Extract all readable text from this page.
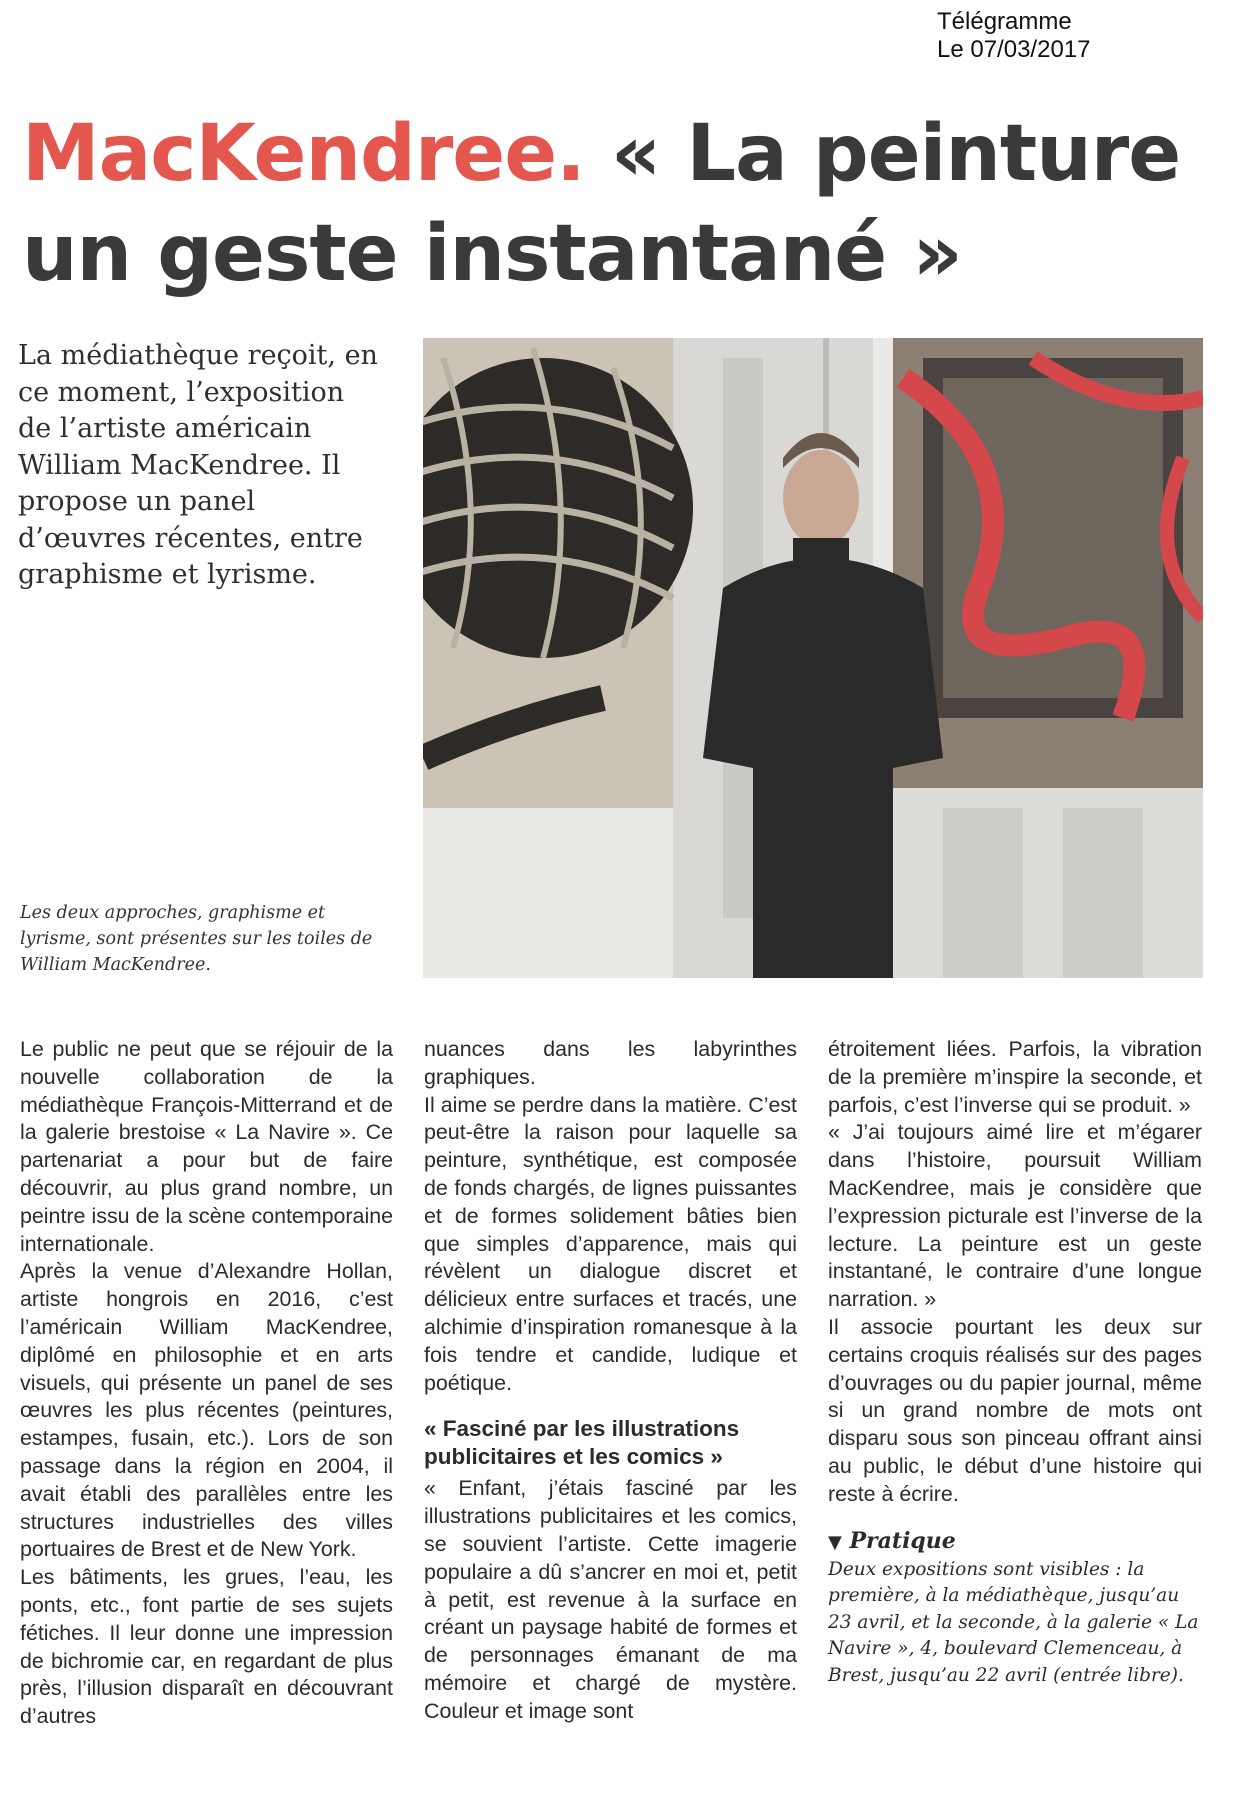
Télégramme
Le 07/03/2017
MacKendree. « La peinture un geste instantané »

La médiathèque reçoit, en ce moment, l’exposition de l’artiste américain William MacKendree. Il propose un panel d’œuvres récentes, entre graphisme et lyrisme.

Les deux approches, graphisme et lyrisme, sont présentes sur les toiles de William MacKendree.

Le public ne peut que se réjouir de la nouvelle collaboration de la médiathèque François-Mitterrand et de la galerie brestoise « La Navire ». Ce partenariat a pour but de faire découvrir, au plus grand nombre, un peintre issu de la scène contemporaine internationale.

Après la venue d’Alexandre Hollan, artiste hongrois en 2016, c’est l’américain William MacKendree, diplômé en philosophie et en arts visuels, qui présente un panel de ses œuvres les plus récentes (peintures, estampes, fusain, etc.). Lors de son passage dans la région en 2004, il avait établi des parallèles entre les structures industrielles des villes portuaires de Brest et de New York.

Les bâtiments, les grues, l’eau, les ponts, etc., font partie de ses sujets fétiches. Il leur donne une impression de bichromie car, en regardant de plus près, l’illusion disparaît en découvrant d’autres

nuances dans les labyrinthes graphiques.

Il aime se perdre dans la matière. C’est peut-être la raison pour laquelle sa peinture, synthétique, est composée de fonds chargés, de lignes puissantes et de formes solidement bâties bien que simples d’apparence, mais qui révèlent un dialogue discret et délicieux entre surfaces et tracés, une alchimie d’inspiration romanesque à la fois tendre et candide, ludique et poétique.

« Fasciné par les illustrations publicitaires et les comics »

« Enfant, j’étais fasciné par les illustrations publicitaires et les comics, se souvient l’artiste. Cette imagerie populaire a dû s’ancrer en moi et, petit à petit, est revenue à la surface en créant un paysage habité de formes et de personnages émanant de ma mémoire et chargé de mystère. Couleur et image sont

étroitement liées. Parfois, la vibration de la première m’inspire la seconde, et parfois, c’est l’inverse qui se produit. »

« J’ai toujours aimé lire et m’égarer dans l’histoire, poursuit William MacKendree, mais je considère que l’expression picturale est l’inverse de la lecture. La peinture est un geste instantané, le contraire d’une longue narration. »

Il associe pourtant les deux sur certains croquis réalisés sur des pages d’ouvrages ou du papier journal, même si un grand nombre de mots ont disparu sous son pinceau offrant ainsi au public, le début d’une histoire qui reste à écrire.

▼ Pratique

Deux expositions sont visibles : la première, à la médiathèque, jusqu’au 23 avril, et la seconde, à la galerie « La Navire », 4, boulevard Clemenceau, à Brest, jusqu’au 22 avril (entrée libre).
